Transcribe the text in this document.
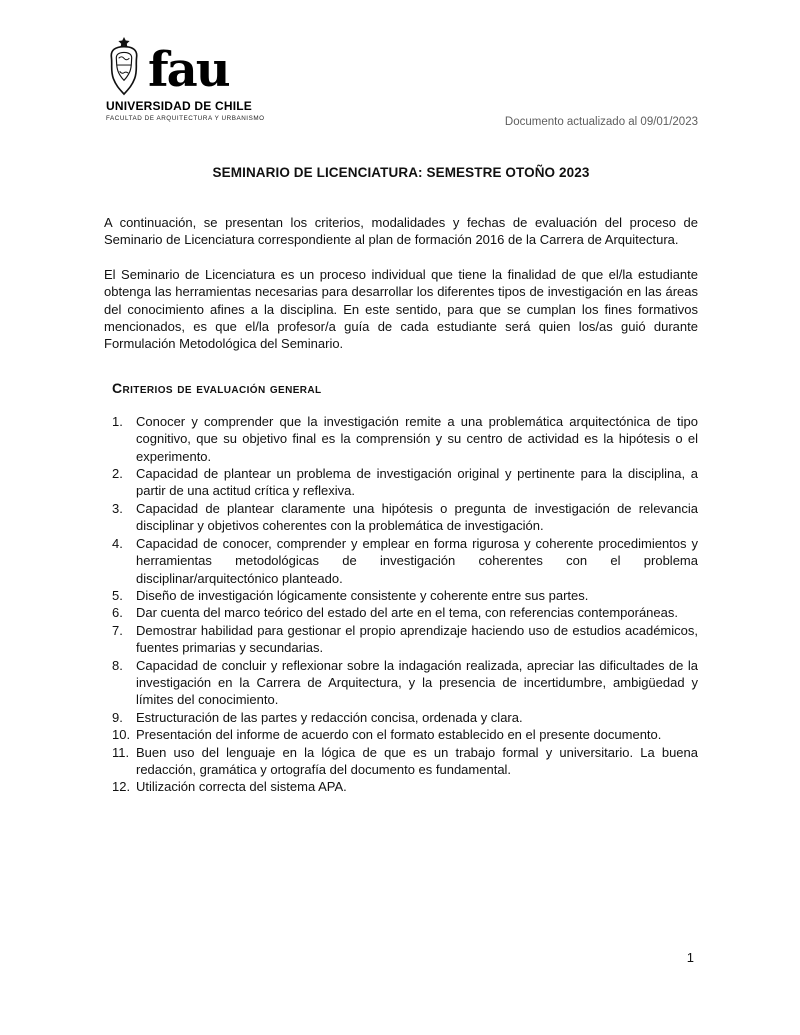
fau
UNIVERSIDAD DE CHILE
FACULTAD DE ARQUITECTURA Y URBANISMO	Documento actualizado al 09/01/2023
SEMINARIO DE LICENCIATURA: SEMESTRE OTOÑO 2023

A continuación, se presentan los criterios, modalidades y fechas de evaluación del proceso de Seminario de Licenciatura correspondiente al plan de formación 2016 de la Carrera de Arquitectura.

El Seminario de Licenciatura es un proceso individual que tiene la finalidad de que el/la estudiante obtenga las herramientas necesarias para desarrollar los diferentes tipos de investigación en las áreas del conocimiento afines a la disciplina. En este sentido, para que se cumplan los fines formativos mencionados, es que el/la profesor/a guía de cada estudiante será quien los/as guió durante Formulación Metodológica del Seminario.

Criterios de evaluación general
1.	Conocer y comprender que la investigación remite a una problemática arquitectónica de tipo cognitivo, que su objetivo final es la comprensión y su centro de actividad es la hipótesis o el experimento.
2.	Capacidad de plantear un problema de investigación original y pertinente para la disciplina, a partir de una actitud crítica y reflexiva.
3.	Capacidad de plantear claramente una hipótesis o pregunta de investigación de relevancia disciplinar y objetivos coherentes con la problemática de investigación.
4.	Capacidad de conocer, comprender y emplear en forma rigurosa y coherente procedimientos y herramientas metodológicas de investigación coherentes con el problema disciplinar/arquitectónico planteado.
5.	Diseño de investigación lógicamente consistente y coherente entre sus partes.
6.	Dar cuenta del marco teórico del estado del arte en el tema, con referencias contemporáneas.
7.	Demostrar habilidad para gestionar el propio aprendizaje haciendo uso de estudios académicos, fuentes primarias y secundarias.
8.	Capacidad de concluir y reflexionar sobre la indagación realizada, apreciar las dificultades de la investigación en la Carrera de Arquitectura, y la presencia de incertidumbre, ambigüedad y límites del conocimiento.
9.	Estructuración de las partes y redacción concisa, ordenada y clara.
10. Presentación del informe de acuerdo con el formato establecido en el presente documento.
11. Buen uso del lenguaje en la lógica de que es un trabajo formal y universitario. La buena redacción, gramática y ortografía del documento es fundamental.
12. Utilización correcta del sistema APA.
1
